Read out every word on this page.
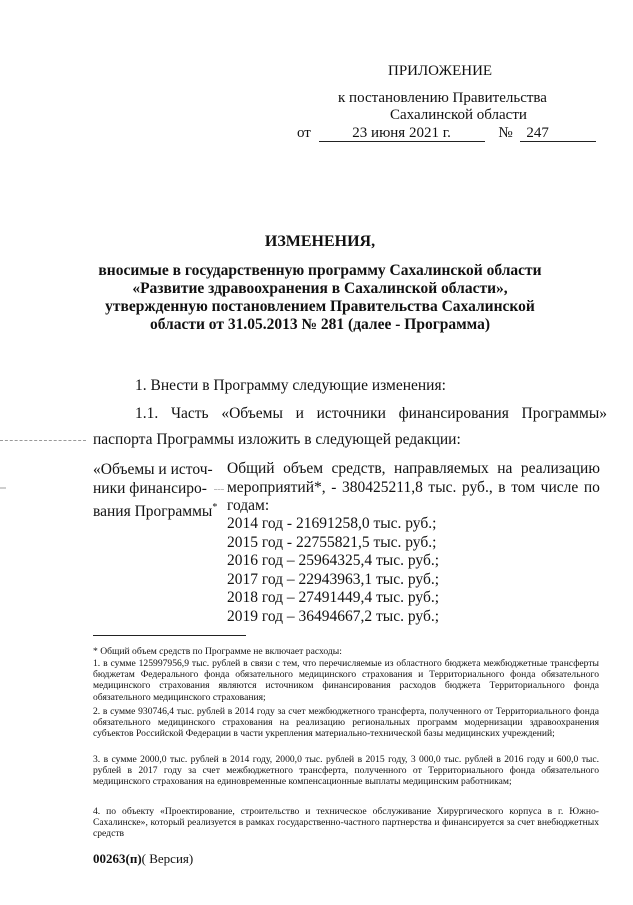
ПРИЛОЖЕНИЕ
к постановлению Правительства
Сахалинской области
от	23 июня 2021 г.	№ 247
ИЗМЕНЕНИЯ,
вносимые в государственную программу Сахалинской области
«Развитие здравоохранения в Сахалинской области»,
утвержденную постановлением Правительства Сахалинской
области от 31.05.2013 № 281 (далее - Программа)
1. Внести в Программу следующие изменения:
1.1. Часть «Объемы и источники финансирования Программы»
паспорта Программы изложить в следующей редакции:
«Объемы и источ-
ники финансиро-
вания Программы*
Общий объем средств, направляемых на реализацию
мероприятий*, - 380425211,8 тыс. руб., в том числе по
годам:
2014 год - 21691258,0 тыс. руб.;
2015 год - 22755821,5 тыс. руб.;
2016 год – 25964325,4 тыс. руб.;
2017 год – 22943963,1 тыс. руб.;
2018 год – 27491449,4 тыс. руб.;
2019 год – 36494667,2 тыс. руб.;
* Общий объем средств по Программе не включает расходы:
1. в сумме 125997956,9 тыс. рублей в связи с тем, что перечисляемые из областного бюджета межбюджетные трансферты бюджетам Федерального фонда обязательного медицинского страхования и Территориального фонда обязательного медицинского страхования являются источником финансирования расходов бюджета Территориального фонда обязательного медицинского страхования;
2. в сумме 930746,4 тыс. рублей в 2014 году за счет межбюджетного трансферта, полученного от Территориального фонда обязательного медицинского страхования на реализацию региональных программ модернизации здравоохранения субъектов Российской Федерации в части укрепления материально-технической базы медицинских учреждений;
3. в сумме 2000,0 тыс. рублей в 2014 году, 2000,0 тыс. рублей в 2015 году, 3 000,0 тыс. рублей в 2016 году и 600,0 тыс. рублей в 2017 году за счет межбюджетного трансферта, полученного от Территориального фонда обязательного медицинского страхования на единовременные компенсационные выплаты медицинским работникам;
4. по объекту «Проектирование, строительство и техническое обслуживание Хирургического корпуса в г. Южно-Сахалинске», который реализуется в рамках государственно-частного партнерства и финансируется за счет внебюджетных средств
00263(п)( Версия)
